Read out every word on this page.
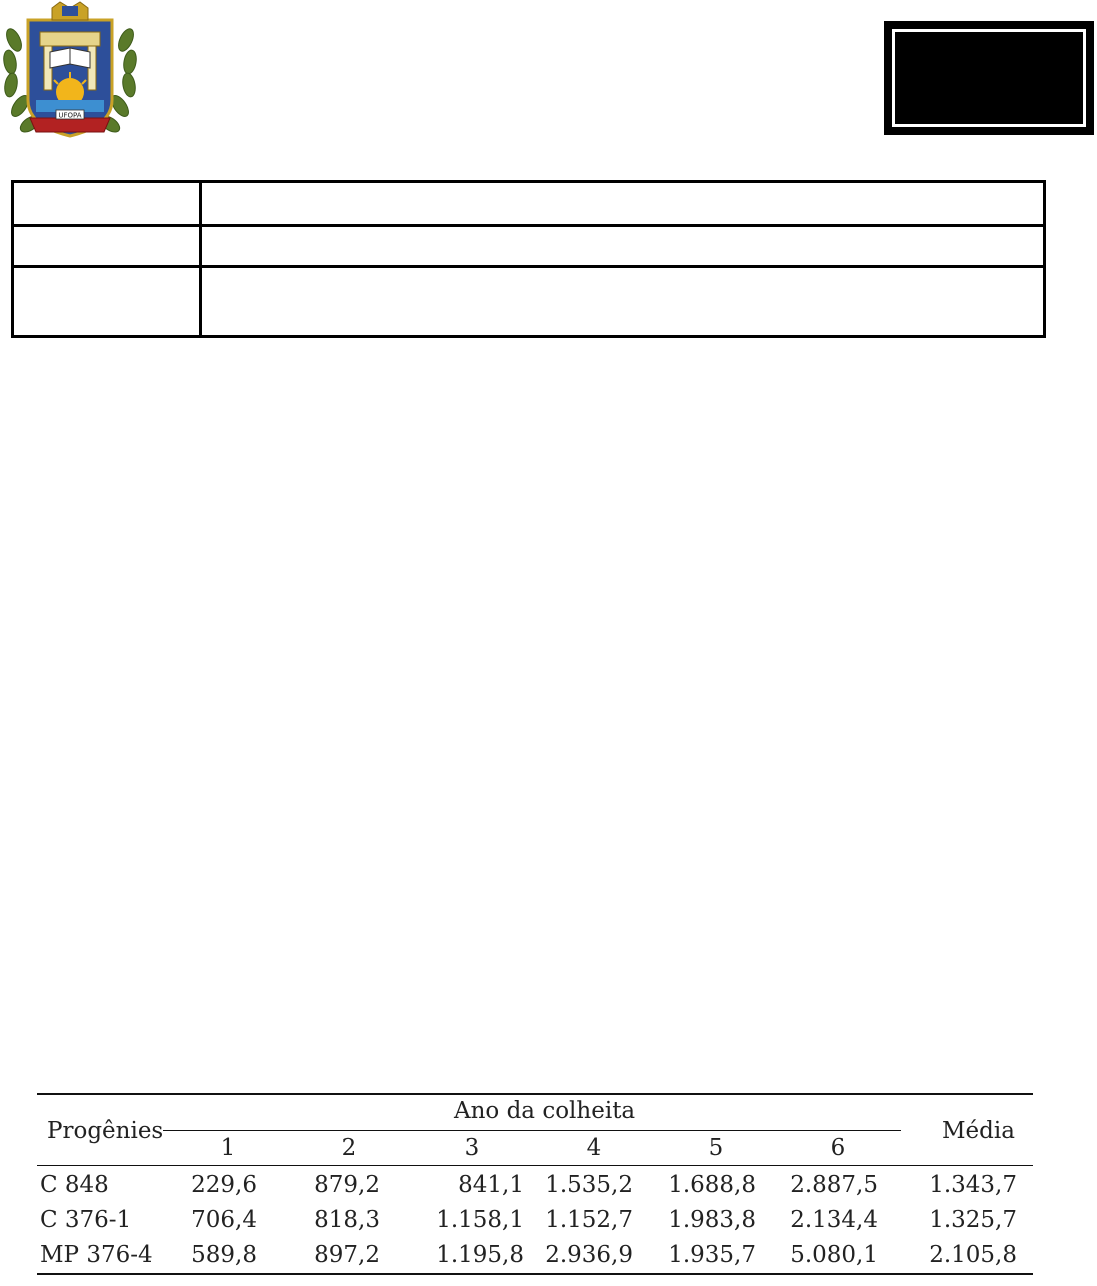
UFOPA

Progênies
Ano da colheita
Média
1	2	3	4	5	6
C 848	229,6	879,2	841,1 1.535,2 1.688,8 2.887,5 1.343,7
C 376-1	706,4	818,3 1.158,1 1.152,7 1.983,8 2.134,4 1.325,7
MP 376-4	589,8	897,2 1.195,8 2.936,9 1.935,7 5.080,1 2.105,8
